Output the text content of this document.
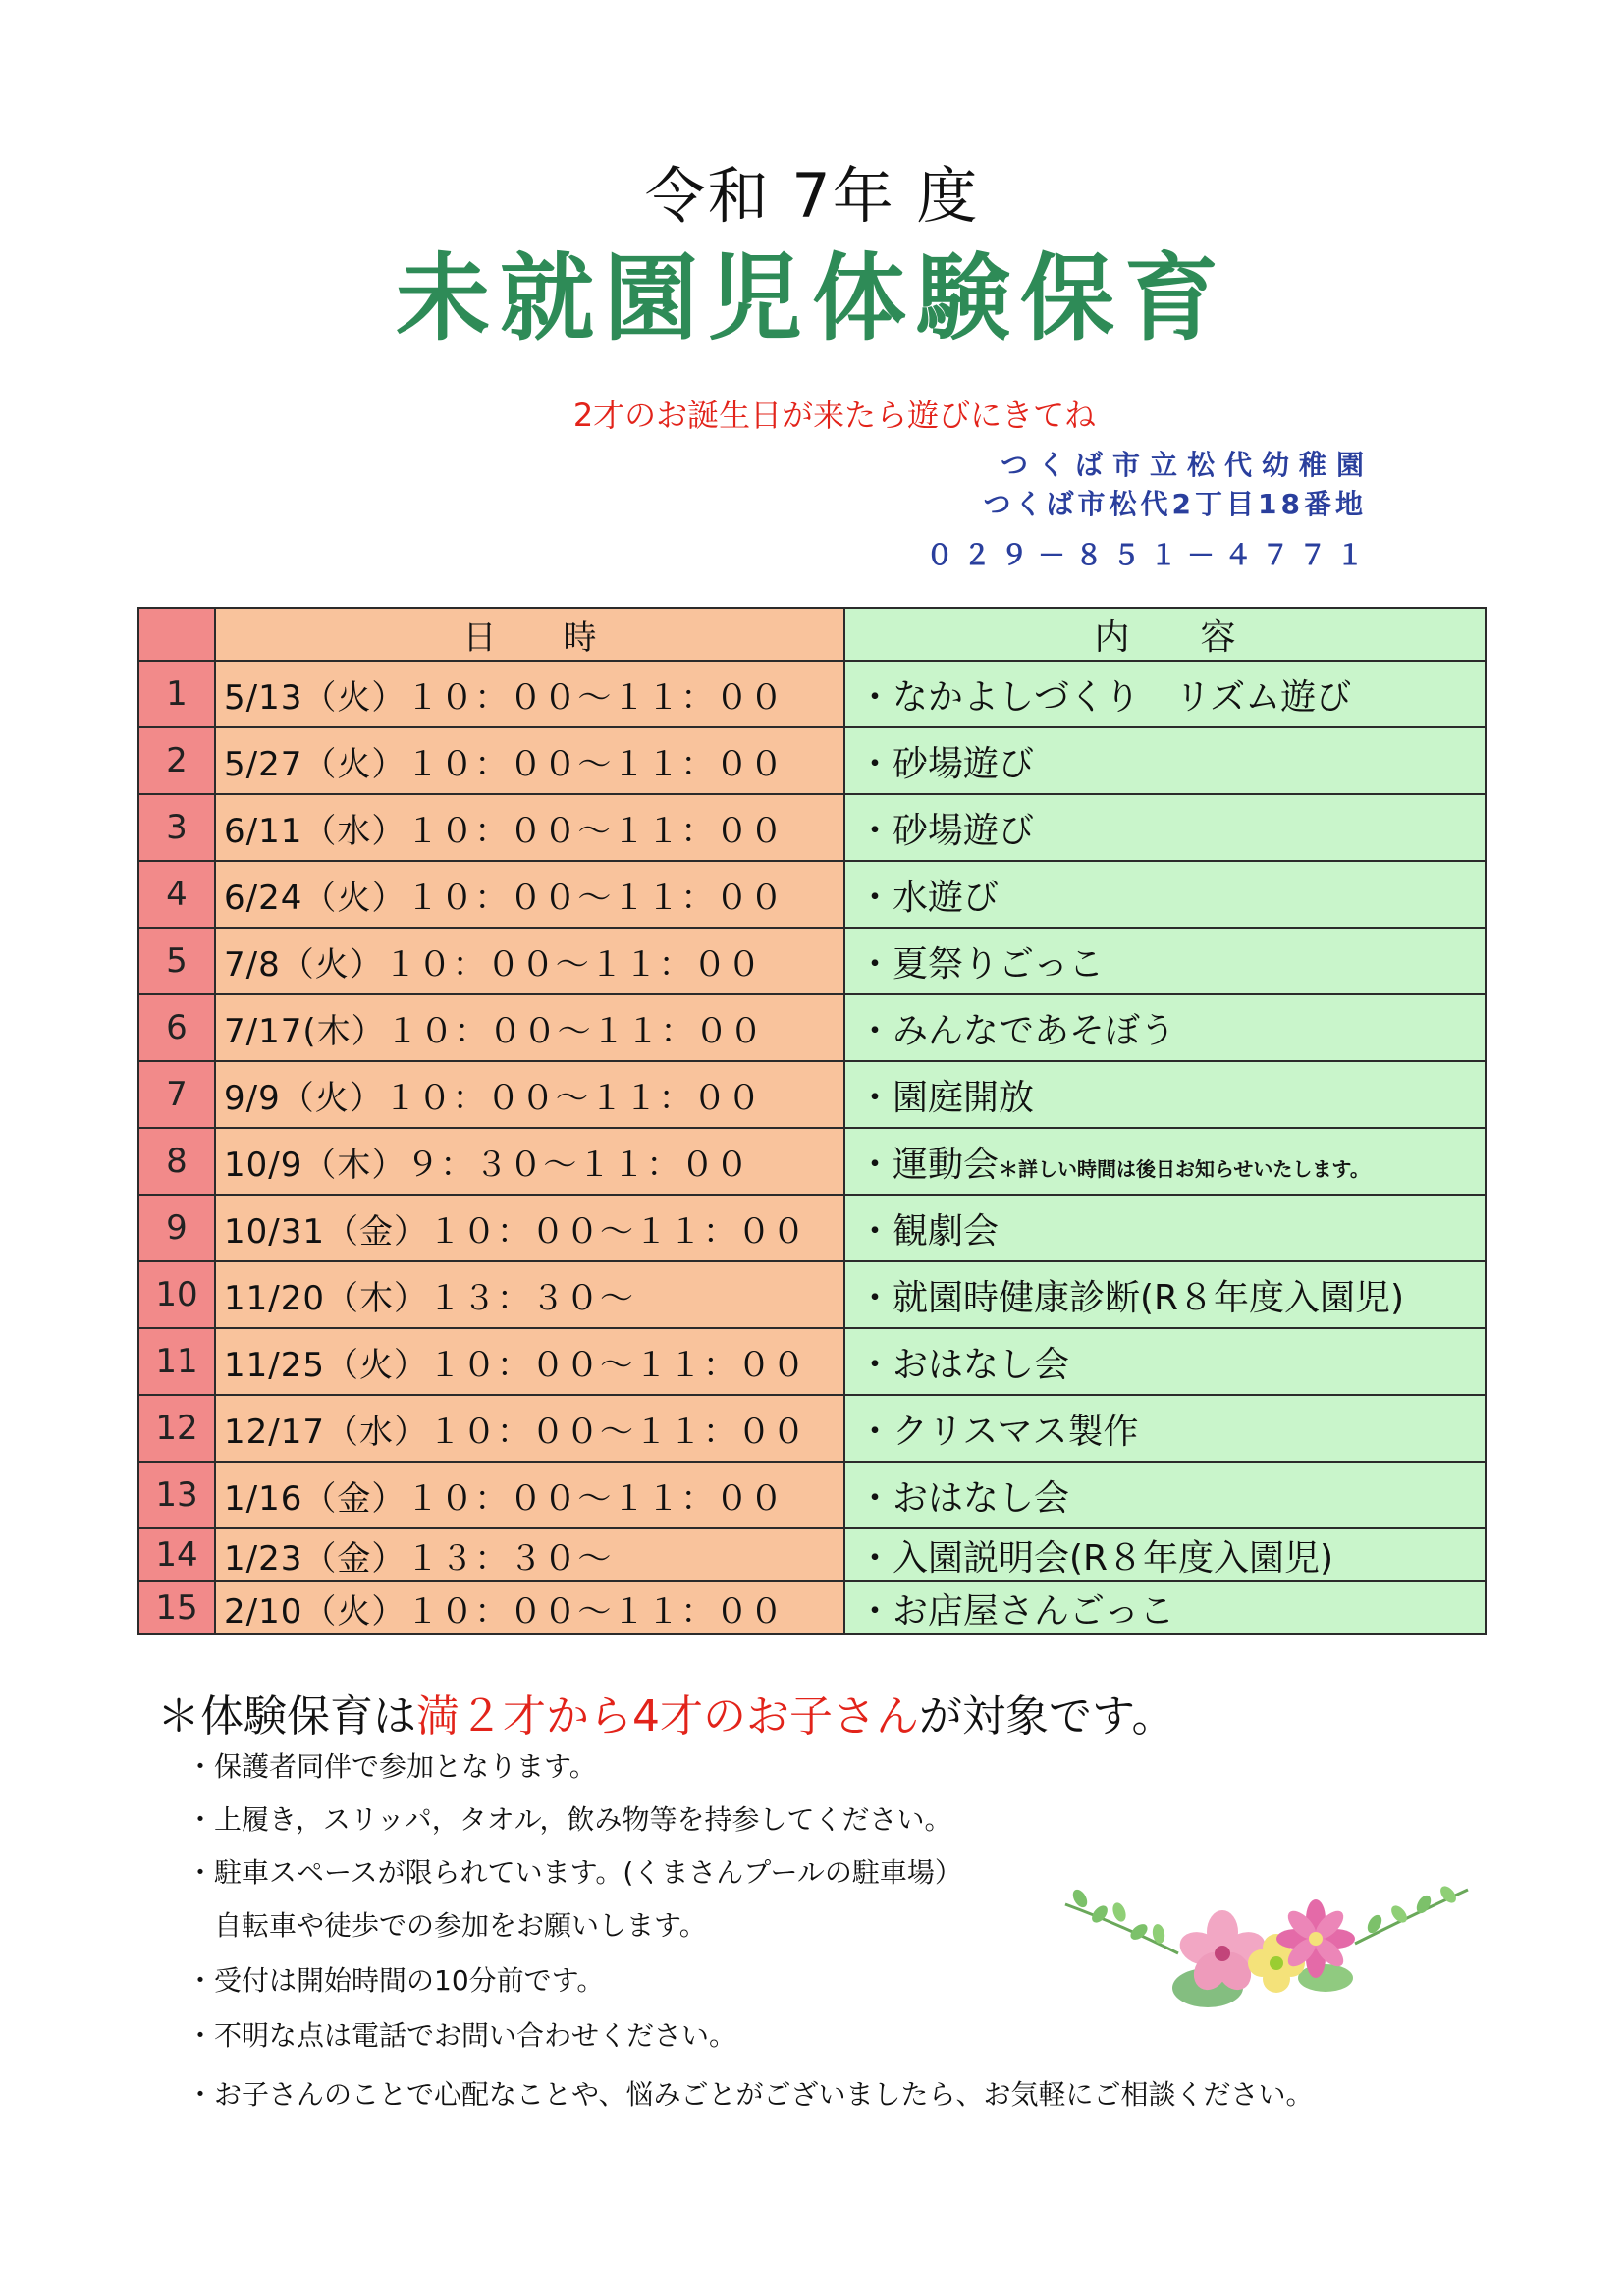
令和 7年 度
未就園児体験保育
2才のお誕生日が来たら遊びにきてね
つくば市立松代幼稚園
つくば市松代2丁目18番地
０２９－８５１－４７７１
	日　　時	内　　容
1	5/13（火）１０：００～１１：００	・なかよしづくり　リズム遊び
2	5/27（火）１０：００～１１：００	・砂場遊び
3	6/11（水）１０：００～１１：００	・砂場遊び
4	6/24（火）１０：００～１１：００	・水遊び
5	7/8（火）１０：００～１１：００	・夏祭りごっこ
6	7/17(木）１０：００～１１：００	・みんなであそぼう
7	9/9（火）１０：００～１１：００	・園庭開放
8	10/9（木）９：３０～１１：００	・運動会＊詳しい時間は後日お知らせいたします。
9	10/31（金）１０：００～１１：００	・観劇会
10	11/20（木）１３：３０～	・就園時健康診断(R８年度入園児)
11	11/25（火）１０：００～１１：００	・おはなし会
12	12/17（水）１０：００～１１：００	・クリスマス製作
13	1/16（金）１０：００～１１：００	・おはなし会
14	1/23（金）１３：３０～	・入園説明会(R８年度入園児)
15	2/10（火）１０：００～１１：００	・お店屋さんごっこ
＊体験保育は満２才から4才のお子さんが対象です。
・保護者同伴で参加となります。
・上履き，スリッパ，タオル，飲み物等を持参してください。
・駐車スペースが限られています。(くまさんプールの駐車場）
　自転車や徒歩での参加をお願いします。
・受付は開始時間の10分前です。
・不明な点は電話でお問い合わせください。
・お子さんのことで心配なことや、悩みごとがございましたら、お気軽にご相談ください。
